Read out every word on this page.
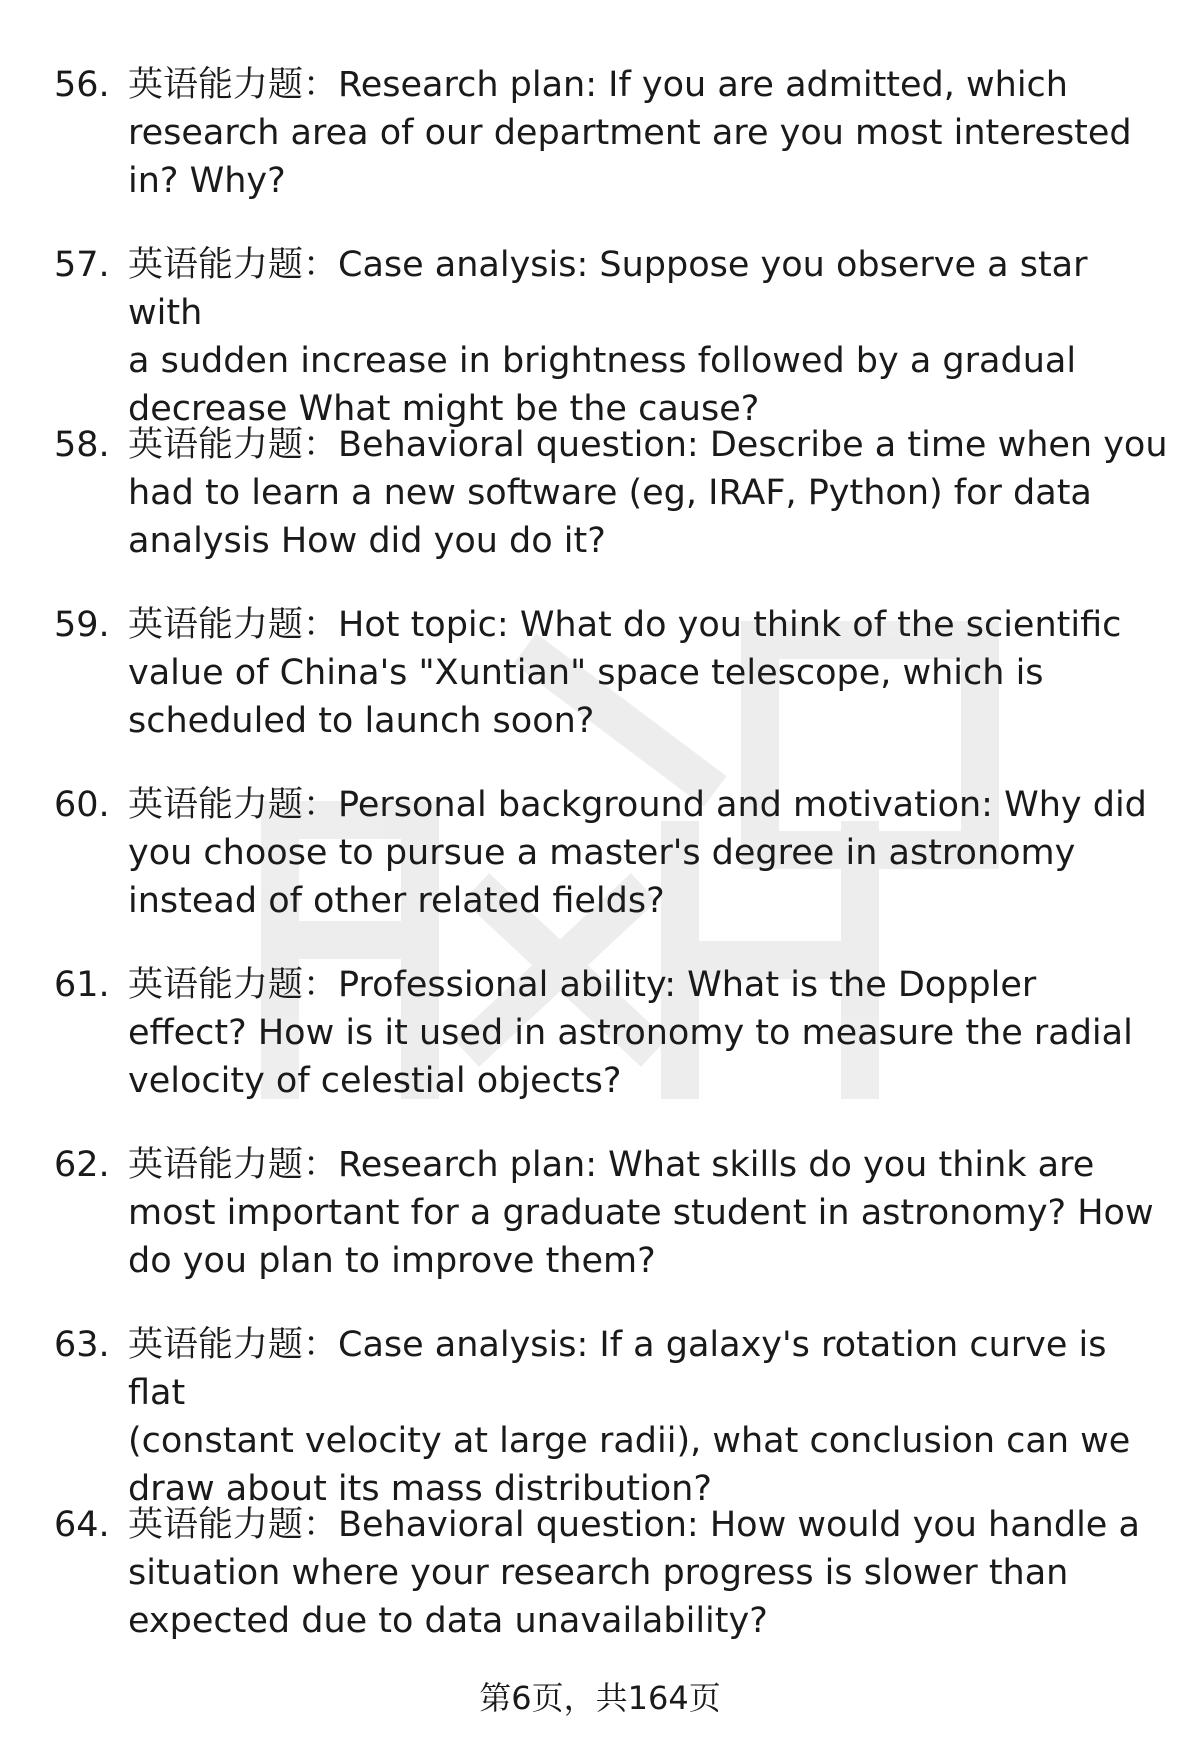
56. 英语能力题：Research plan: If you are admitted, which
research area of our department are you most interested
in? Why?
57. 英语能力题：Case analysis: Suppose you observe a star with
a sudden increase in brightness followed by a gradual
decrease What might be the cause?
58. 英语能力题：Behavioral question: Describe a time when you
had to learn a new software (eg, IRAF, Python) for data
analysis How did you do it?
59. 英语能力题：Hot topic: What do you think of the scientific
value of China's "Xuntian" space telescope, which is
scheduled to launch soon?
60. 英语能力题：Personal background and motivation: Why did
you choose to pursue a master's degree in astronomy
instead of other related fields?
61. 英语能力题：Professional ability: What is the Doppler
effect? How is it used in astronomy to measure the radial
velocity of celestial objects?
62. 英语能力题：Research plan: What skills do you think are
most important for a graduate student in astronomy? How
do you plan to improve them?
63. 英语能力题：Case analysis: If a galaxy's rotation curve is flat
(constant velocity at large radii), what conclusion can we
draw about its mass distribution?
64. 英语能力题：Behavioral question: How would you handle a
situation where your research progress is slower than
expected due to data unavailability?
第6页，共164页
